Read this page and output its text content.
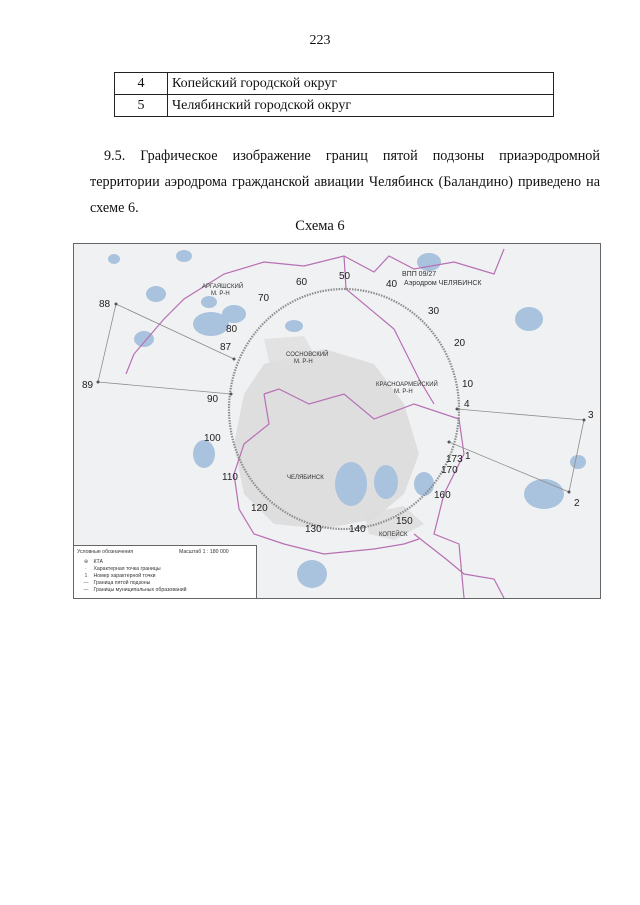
223
4	Копейский городской округ
5	Челябинский городской округ
9.5. Графическое изображение границ пятой подзоны приаэродромной территории аэродрома гражданской авиации Челябинск (Баландино) приведено на схеме 6.
Схема 6
АРГАЯШСКИЙ
М. Р-Н
СОСНОВСКИЙ
М. Р-Н
КРАСНОАРМЕЙСКИЙ
М. Р-Н
ЧЕЛЯБИНСК
КОПЕЙСК
ВПП 09/27
Аэродром ЧЕЛЯБИНСК
4
10
20
30
40
50
60
70
80
87
88
89
90
100
110
120
130	140
150
160
170
173 1
2
3
Условные обозначения	Масштаб 1 : 180 000
⊕ КТА
· Характерная точка границы
1 Номер характерной точки
— Граница пятой подзоны
— Границы муниципальных образований
